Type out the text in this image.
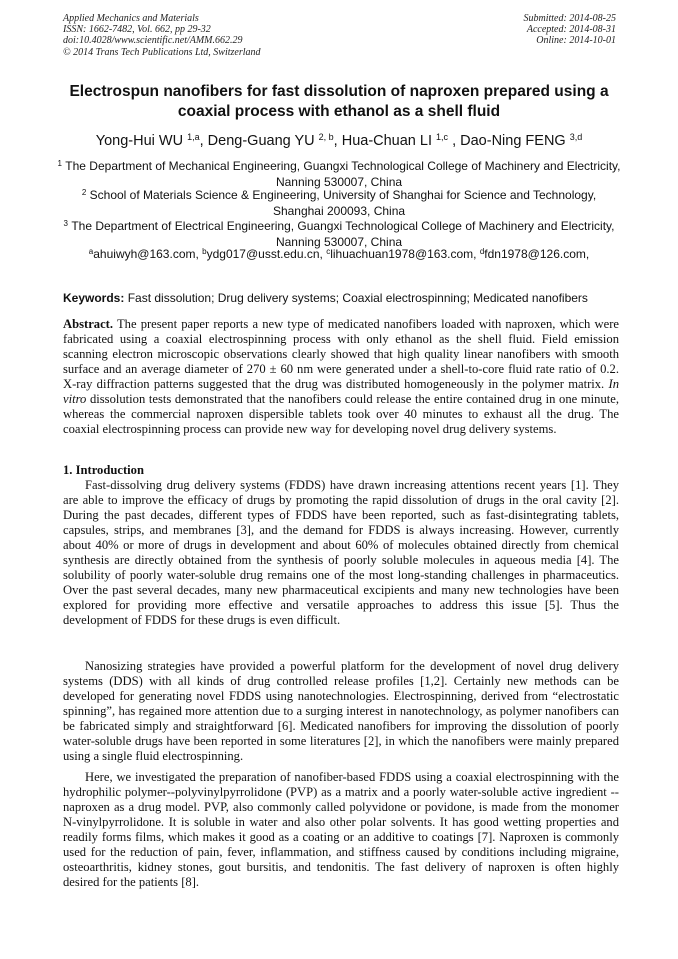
Applied Mechanics and Materials
ISSN: 1662-7482, Vol. 662, pp 29-32
doi:10.4028/www.scientific.net/AMM.662.29
© 2014 Trans Tech Publications Ltd, Switzerland
Submitted: 2014-08-25
Accepted: 2014-08-31
Online: 2014-10-01
Electrospun nanofibers for fast dissolution of naproxen prepared using a coaxial process with ethanol as a shell fluid
Yong-Hui WU $^{1,a}$, Deng-Guang YU $^{2, b}$, Hua-Chuan LI $^{1,c}$ , Dao-Ning FENG $^{3,d}$
$^1$ The Department of Mechanical Engineering, Guangxi Technological College of Machinery and Electricity, Nanning 530007, China
$^2$ School of Materials Science & Engineering, University of Shanghai for Science and Technology, Shanghai 200093, China
$^3$ The Department of Electrical Engineering, Guangxi Technological College of Machinery and Electricity, Nanning 530007, China
$^a$ahuiwyh@163.com, $^b$ydg017@usst.edu.cn, $^c$lihuachuan1978@163.com, $^d$fdn1978@126.com,
Keywords: Fast dissolution; Drug delivery systems; Coaxial electrospinning; Medicated nanofibers

Abstract. The present paper reports a new type of medicated nanofibers loaded with naproxen, which were fabricated using a coaxial electrospinning process with only ethanol as the shell fluid. Field emission scanning electron microscopic observations clearly showed that high quality linear nanofibers with smooth surface and an average diameter of 270 ± 60 nm were generated under a shell-to-core fluid rate ratio of 0.2. X-ray diffraction patterns suggested that the drug was distributed homogeneously in the polymer matrix. In vitro dissolution tests demonstrated that the nanofibers could release the entire contained drug in one minute, whereas the commercial naproxen dispersible tablets took over 40 minutes to exhaust all the drug. The coaxial electrospinning process can provide new way for developing novel drug delivery systems.

1. Introduction

Fast-dissolving drug delivery systems (FDDS) have drawn increasing attentions recent years [1]. They are able to improve the efficacy of drugs by promoting the rapid dissolution of drugs in the oral cavity [2]. During the past decades, different types of FDDS have been reported, such as fast-disintegrating tablets, capsules, strips, and membranes [3], and the demand for FDDS is always increasing. However, currently about 40% or more of drugs in development and about 60% of molecules obtained directly from chemical synthesis are directly obtained from the synthesis of poorly soluble molecules in aqueous media [4]. The solubility of poorly water-soluble drug remains one of the most long-standing challenges in pharmaceutics. Over the past several decades, many new pharmaceutical excipients and many new technologies have been explored for providing more effective and versatile approaches to address this issue [5]. Thus the development of FDDS for these drugs is even difficult.

Nanosizing strategies have provided a powerful platform for the development of novel drug delivery systems (DDS) with all kinds of drug controlled release profiles [1,2]. Certainly new methods can be developed for generating novel FDDS using nanotechnologies. Electrospinning, derived from “electrostatic spinning”, has regained more attention due to a surging interest in nanotechnology, as polymer nanofibers can be fabricated simply and straightforward [6]. Medicated nanofibers for improving the dissolution of poorly water-soluble drugs have been reported in some literatures [2], in which the nanofibers were mainly prepared using a single fluid electrospinning.

Here, we investigated the preparation of nanofiber-based FDDS using a coaxial electrospinning with the hydrophilic polymer--polyvinylpyrrolidone (PVP) as a matrix and a poorly water-soluble active ingredient -- naproxen as a drug model. PVP, also commonly called polyvidone or povidone, is made from the monomer N-vinylpyrrolidone. It is soluble in water and also other polar solvents. It has good wetting properties and readily forms films, which makes it good as a coating or an additive to coatings [7]. Naproxen is commonly used for the reduction of pain, fever, inflammation, and stiffness caused by conditions including migraine, osteoarthritis, kidney stones, gout bursitis, and tendonitis. The fast delivery of naproxen is often highly desired for the patients [8].
